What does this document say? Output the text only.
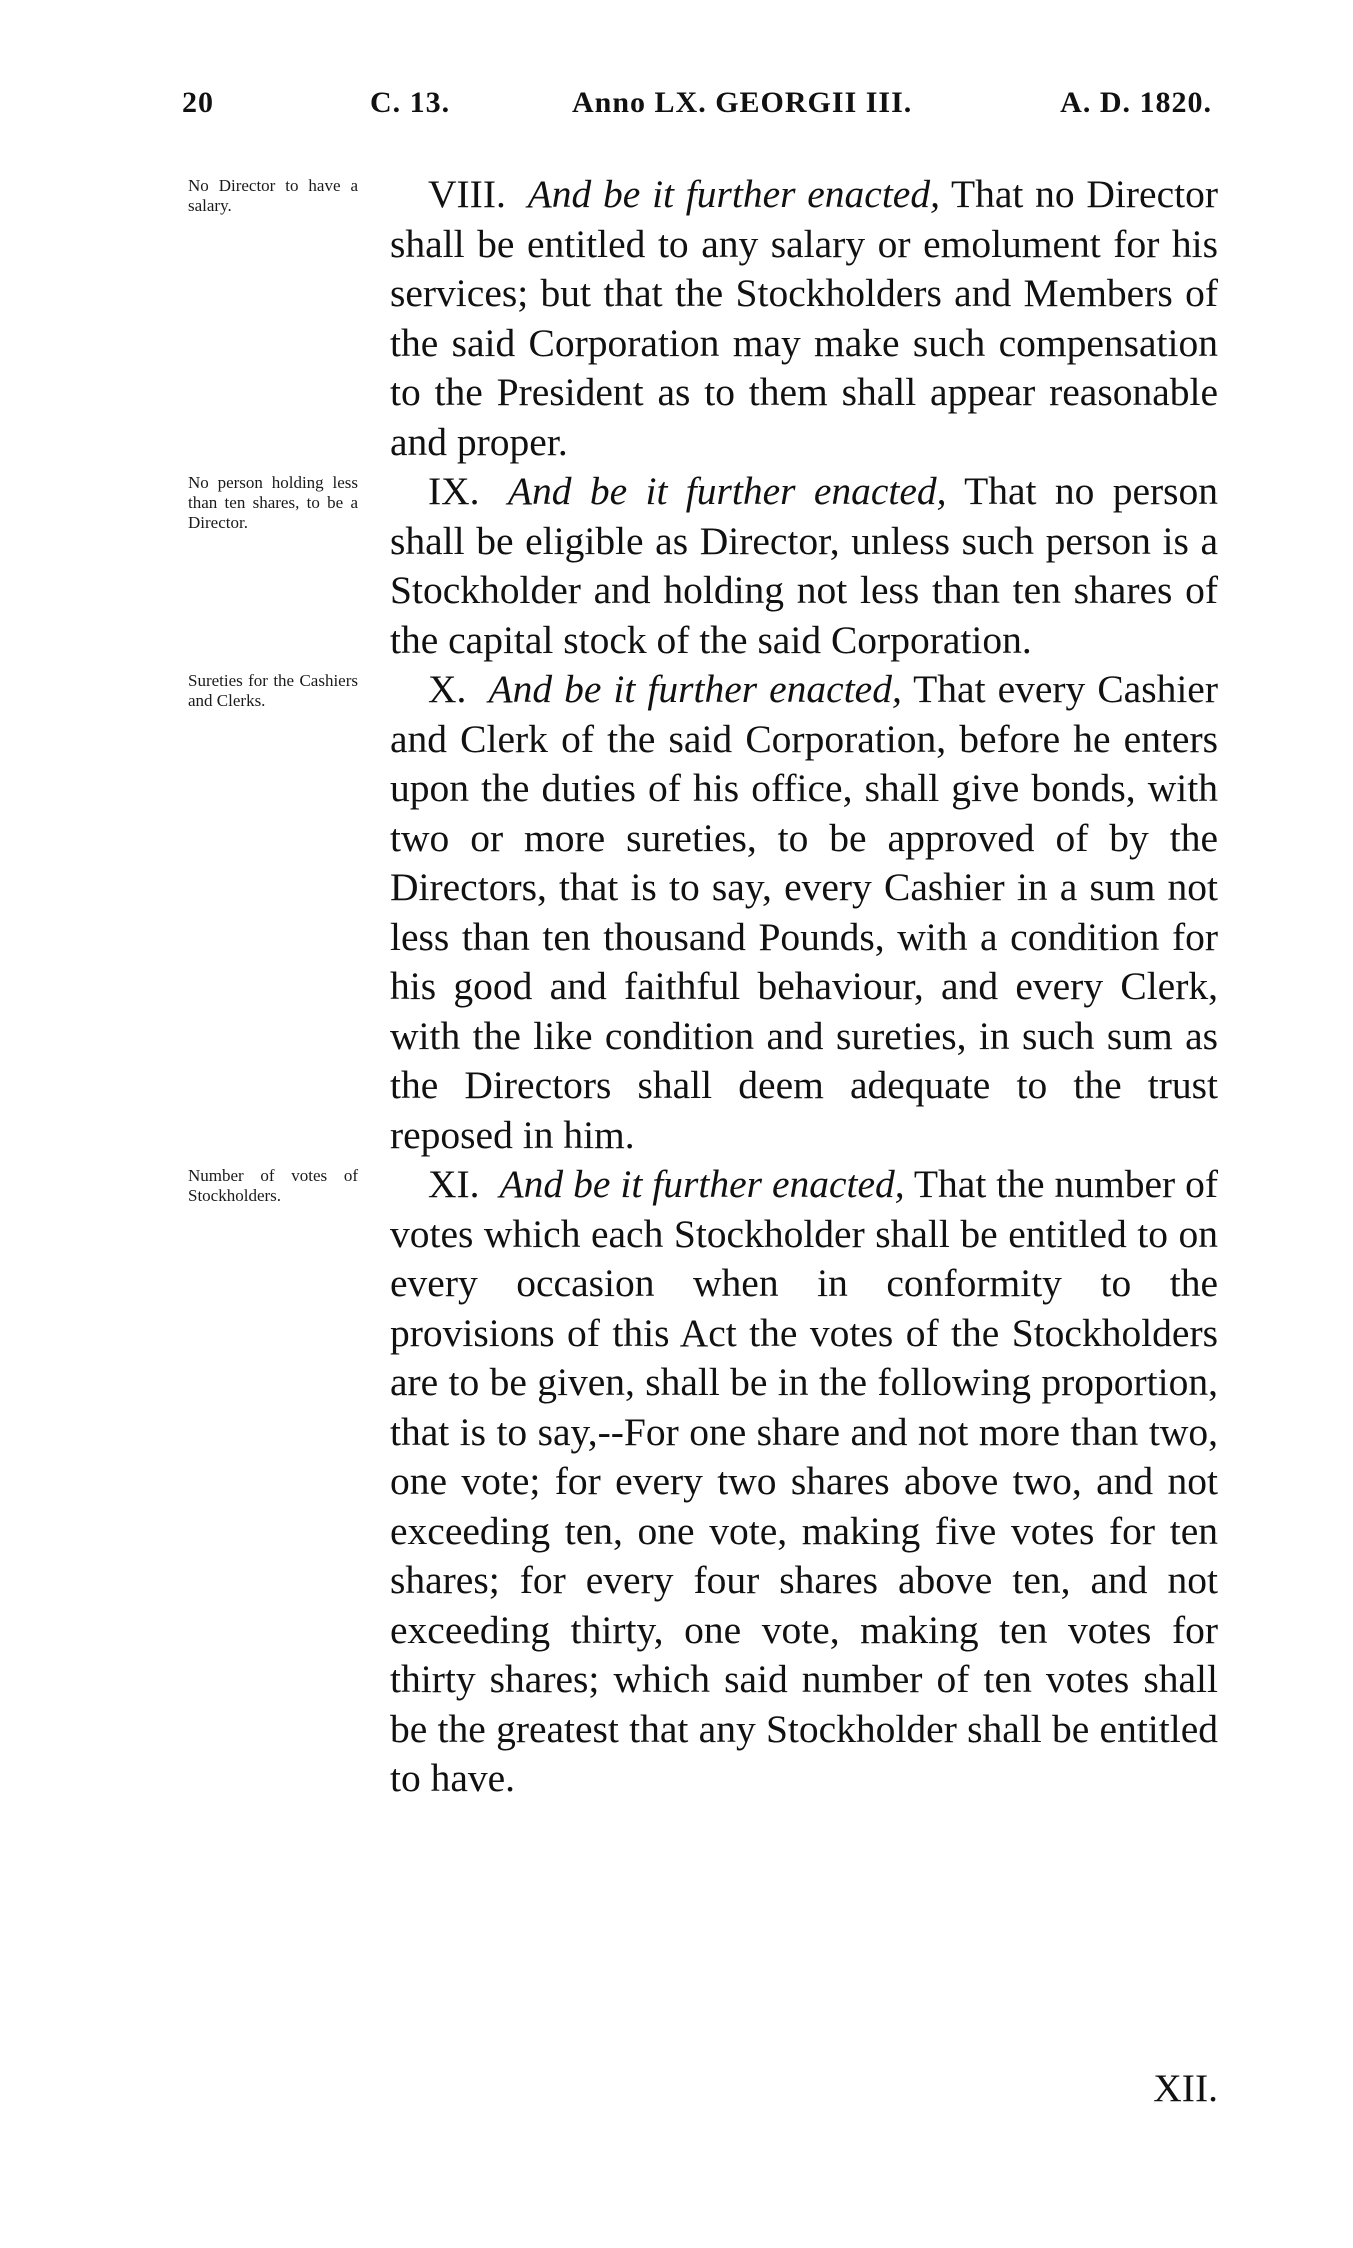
20	C. 13.	Anno LX. GEORGII III.	A. D. 1820.
No Director to have a salary.	VIII. And be it further enacted, That no Director shall be entitled to any salary or emolument for his services; but that the Stockholders and Members of the said Corporation may make such compensation to the President as to them shall appear reasonable and proper.

No person holding less than ten shares, to be a Director.

IX. And be it further enacted, That no person shall be eligible as Director, unless such person is a Stockholder and holding not less than ten shares of the capital stock of the said Corporation.

Sureties for the Cashiers and Clerks.	X. And be it further enacted, That every Cashier and Clerk of the said Corporation, before he enters upon the duties of his office, shall give bonds, with two or more sureties, to be approved of by the Directors, that is to say, every Cashier in a sum not less than ten thousand Pounds, with a condition for his good and faithful behaviour, and every Clerk, with the like condition and sureties, in such sum as the Directors shall deem adequate to the trust reposed in him.

Number of votes of Stockholders.	XI. And be it further enacted, That the number of votes which each Stockholder shall be entitled to on every occasion when in conformity to the provisions of this Act the votes of the Stockholders are to be given, shall be in the following proportion, that is to say,--For one share and not more than two, one vote; for every two shares above two, and not exceeding ten, one vote, making five votes for ten shares; for every four shares above ten, and not exceeding thirty, one vote, making ten votes for thirty shares; which said number of ten votes shall be the greatest that any Stockholder shall be entitled to have.

XII.
